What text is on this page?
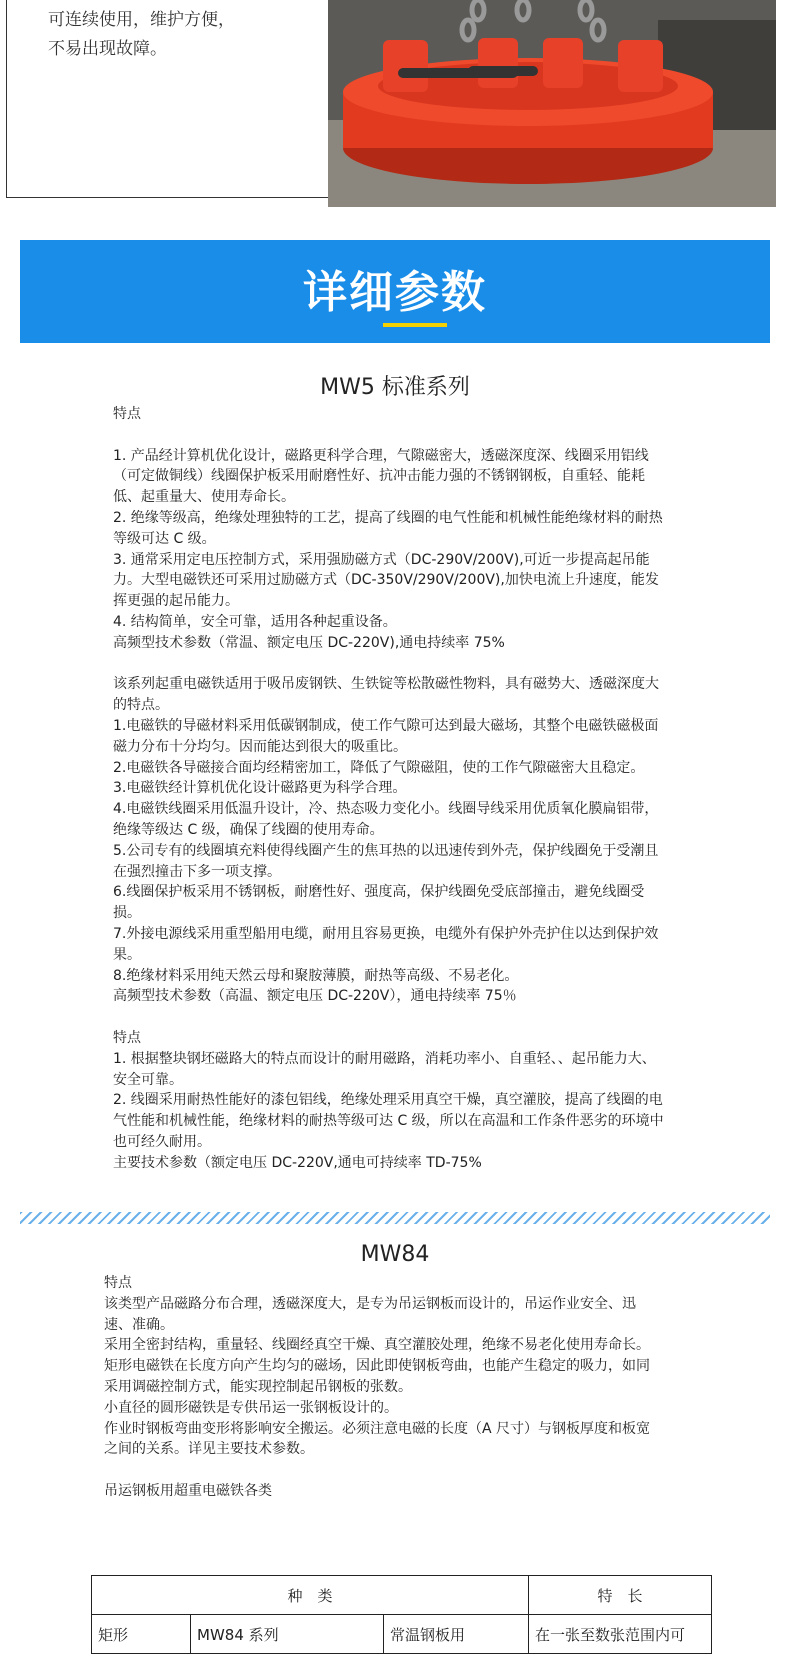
可连续使用，维护方便，
不易出现故障。
详细参数
MW5 标准系列

特点

1. 产品经计算机优化设计，磁路更科学合理，气隙磁密大，透磁深度深、线圈采用铝线（可定做铜线）线圈保护板采用耐磨性好、抗冲击能力强的不锈钢钢板，自重轻、能耗低、起重量大、使用寿命长。

2. 绝缘等级高，绝缘处理独特的工艺，提高了线圈的电气性能和机械性能绝缘材料的耐热等级可达 C 级。

3. 通常采用定电压控制方式，采用强励磁方式（DC-290V/200V),可近一步提高起吊能力。大型电磁铁还可采用过励磁方式（DC-350V/290V/200V),加快电流上升速度，能发挥更强的起吊能力。

4. 结构简单，安全可靠，适用各种起重设备。

高频型技术参数（常温、额定电压 DC-220V),通电持续率 75%

该系列起重电磁铁适用于吸吊废钢铁、生铁锭等松散磁性物料，具有磁势大、透磁深度大的特点。

1.电磁铁的导磁材料采用低碳钢制成，使工作气隙可达到最大磁场，其整个电磁铁磁极面磁力分布十分均匀。因而能达到很大的吸重比。

2.电磁铁各导磁接合面均经精密加工，降低了气隙磁阻，使的工作气隙磁密大且稳定。

3.电磁铁经计算机优化设计磁路更为科学合理。

4.电磁铁线圈采用低温升设计，冷、热态吸力变化小。线圈导线采用优质氧化膜扁铝带，绝缘等级达 C 级，确保了线圈的使用寿命。

5.公司专有的线圈填充料使得线圈产生的焦耳热的以迅速传到外壳，保护线圈免于受潮且在强烈撞击下多一项支撑。

6.线圈保护板采用不锈钢板，耐磨性好、强度高，保护线圈免受底部撞击，避免线圈受损。

7.外接电源线采用重型船用电缆，耐用且容易更换，电缆外有保护外壳护住以达到保护效果。

8.绝缘材料采用纯天然云母和聚胺薄膜，耐热等高级、不易老化。

高频型技术参数（高温、额定电压 DC-220V），通电持续率 75％

特点

1. 根据整块钢坯磁路大的特点而设计的耐用磁路，消耗功率小、自重轻、、起吊能力大、安全可靠。

2. 线圈采用耐热性能好的漆包铝线，绝缘处理采用真空干燥，真空灌胶，提高了线圈的电气性能和机械性能，绝缘材料的耐热等级可达 C 级，所以在高温和工作条件恶劣的环境中也可经久耐用。

主要技术参数（额定电压 DC-220V,通电可持续率 TD-75%

MW84

特点

该类型产品磁路分布合理，透磁深度大，是专为吊运钢板而设计的，吊运作业安全、迅速、准确。

采用全密封结构，重量轻、线圈经真空干燥、真空灌胶处理，绝缘不易老化使用寿命长。

矩形电磁铁在长度方向产生均匀的磁场，因此即使钢板弯曲，也能产生稳定的吸力，如同采用调磁控制方式，能实现控制起吊钢板的张数。

小直径的圆形磁铁是专供吊运一张钢板设计的。

作业时钢板弯曲变形将影响安全搬运。必须注意电磁的长度（A 尺寸）与钢板厚度和板宽之间的关系。详见主要技术参数。

吊运钢板用超重电磁铁各类

种　类			特　长
矩形	MW84 系列	常温钢板用	在一张至数张范围内可
